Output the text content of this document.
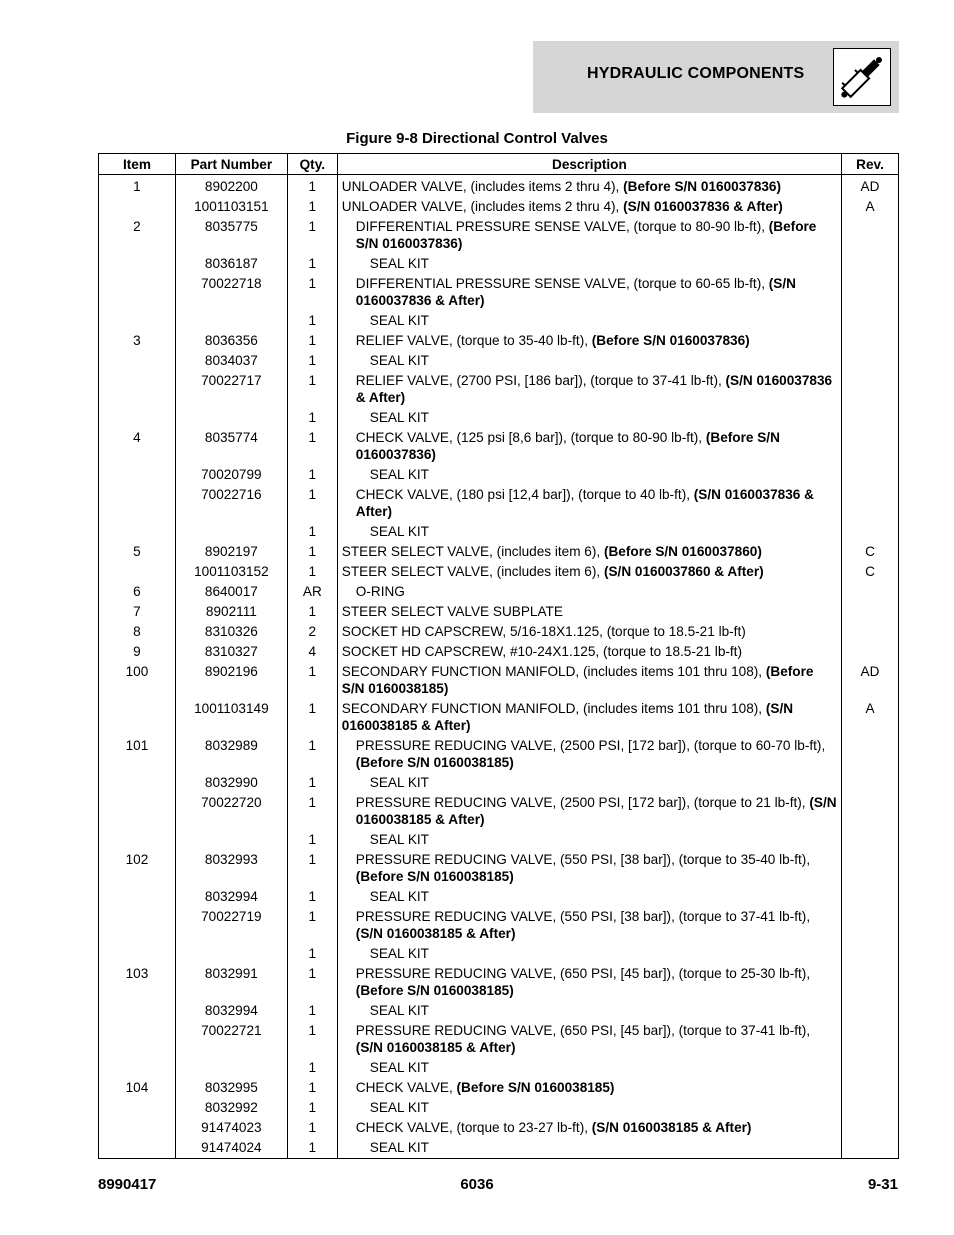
HYDRAULIC COMPONENTS
Figure 9-8 Directional Control Valves
Item	Part Number	Qty.	Description	Rev.
1	8902200	1	UNLOADER VALVE, (includes items 2 thru 4), (Before S/N 0160037836)	AD
	1001103151	1	UNLOADER VALVE, (includes items 2 thru 4), (S/N 0160037836 & After)	A
2	8035775	1	DIFFERENTIAL PRESSURE SENSE VALVE, (torque to 80-90 lb-ft), (Before S/N 0160037836)	

	8036187	1	SEAL KIT	

	70022718	1	DIFFERENTIAL PRESSURE SENSE VALVE, (torque to 60-65 lb-ft), (S/N 0160037836 & After)	

		1	SEAL KIT	

3	8036356	1	RELIEF VALVE, (torque to 35-40 lb-ft), (Before S/N 0160037836)	

	8034037	1	SEAL KIT	

	70022717	1	RELIEF VALVE, (2700 PSI, [186 bar]), (torque to 37-41 lb-ft), (S/N 0160037836 & After)	

		1	SEAL KIT	

4	8035774	1	CHECK VALVE, (125 psi [8,6 bar]), (torque to 80-90 lb-ft), (Before S/N 0160037836)	

	70020799	1	SEAL KIT	

	70022716	1	CHECK VALVE, (180 psi [12,4 bar]), (torque to 40 lb-ft), (S/N 0160037836 & After)	

		1	SEAL KIT	

5	8902197	1	STEER SELECT VALVE, (includes item 6), (Before S/N 0160037860)	C
	1001103152	1	STEER SELECT VALVE, (includes item 6), (S/N 0160037860 & After)	C
6	8640017	AR	O-RING	

7	8902111	1	STEER SELECT VALVE SUBPLATE	

8	8310326	2	SOCKET HD CAPSCREW, 5/16-18X1.125, (torque to 18.5-21 lb-ft)	

9	8310327	4	SOCKET HD CAPSCREW, #10-24X1.125, (torque to 18.5-21 lb-ft)	

100	8902196	1	SECONDARY FUNCTION MANIFOLD, (includes items 101 thru 108), (Before S/N 0160038185)	AD
	1001103149	1	SECONDARY FUNCTION MANIFOLD, (includes items 101 thru 108), (S/N 0160038185 & After)	A
101	8032989	1	PRESSURE REDUCING VALVE, (2500 PSI, [172 bar]), (torque to 60-70 lb-ft), (Before S/N 0160038185)	

	8032990	1	SEAL KIT	

	70022720	1	PRESSURE REDUCING VALVE, (2500 PSI, [172 bar]), (torque to 21 lb-ft), (S/N 0160038185 & After)	

		1	SEAL KIT	

102	8032993	1	PRESSURE REDUCING VALVE, (550 PSI, [38 bar]), (torque to 35-40 lb-ft), (Before S/N 0160038185)	

	8032994	1	SEAL KIT	

	70022719	1	PRESSURE REDUCING VALVE, (550 PSI, [38 bar]), (torque to 37-41 lb-ft), (S/N 0160038185 & After)	

		1	SEAL KIT	

103	8032991	1	PRESSURE REDUCING VALVE, (650 PSI, [45 bar]), (torque to 25-30 lb-ft), (Before S/N 0160038185)	

	8032994	1	SEAL KIT	

	70022721	1	PRESSURE REDUCING VALVE, (650 PSI, [45 bar]), (torque to 37-41 lb-ft), (S/N 0160038185 & After)	

		1	SEAL KIT	

104	8032995	1	CHECK VALVE, (Before S/N 0160038185)	

	8032992	1	SEAL KIT	

	91474023	1	CHECK VALVE, (torque to 23-27 lb-ft), (S/N 0160038185 & After)	

	91474024	1	SEAL KIT	

8990417	6036	9-31
